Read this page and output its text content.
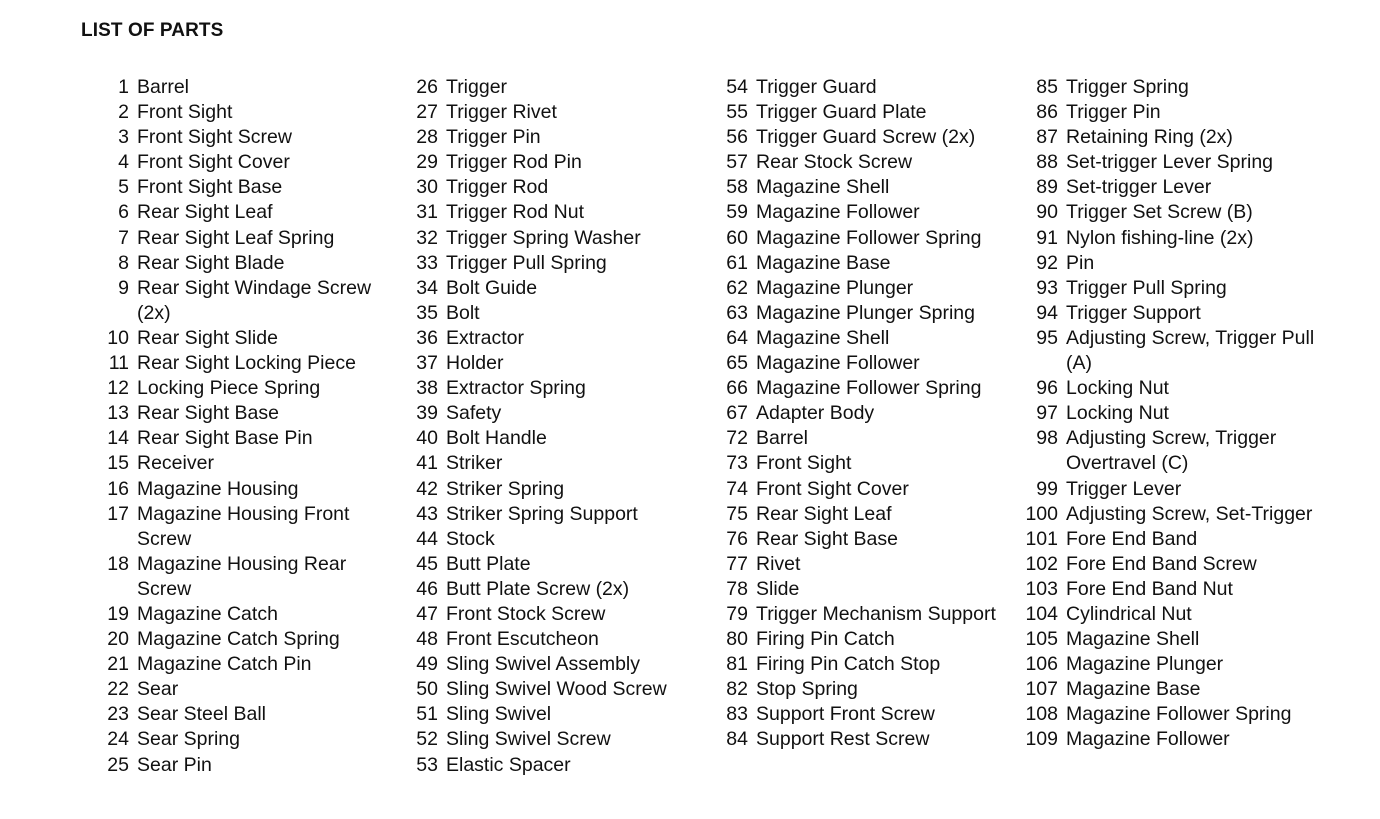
LIST OF PARTS
1 Barrel
2 Front Sight
3 Front Sight Screw
4 Front Sight Cover
5 Front Sight Base
6 Rear Sight Leaf
7 Rear Sight Leaf Spring
8 Rear Sight Blade
9 Rear Sight Windage Screw (2x)
10 Rear Sight Slide
11 Rear Sight Locking Piece
12 Locking Piece Spring
13 Rear Sight Base
14 Rear Sight Base Pin
15 Receiver
16 Magazine Housing
17 Magazine Housing Front Screw
18 Magazine Housing Rear Screw
19 Magazine Catch
20 Magazine Catch Spring
21 Magazine Catch Pin
22 Sear
23 Sear Steel Ball
24 Sear Spring
25 Sear Pin
26 Trigger
27 Trigger Rivet
28 Trigger Pin
29 Trigger Rod Pin
30 Trigger Rod
31 Trigger Rod Nut
32 Trigger Spring Washer
33 Trigger Pull Spring
34 Bolt Guide
35 Bolt
36 Extractor
37 Holder
38 Extractor Spring
39 Safety
40 Bolt Handle
41 Striker
42 Striker Spring
43 Striker Spring Support
44 Stock
45 Butt Plate
46 Butt Plate Screw (2x)
47 Front Stock Screw
48 Front Escutcheon
49 Sling Swivel Assembly
50 Sling Swivel Wood Screw
51 Sling Swivel
52 Sling Swivel Screw
53 Elastic Spacer
54 Trigger Guard
55 Trigger Guard Plate
56 Trigger Guard Screw (2x)
57 Rear Stock Screw
58 Magazine Shell
59 Magazine Follower
60 Magazine Follower Spring
61 Magazine Base
62 Magazine Plunger
63 Magazine Plunger Spring
64 Magazine Shell
65 Magazine Follower
66 Magazine Follower Spring
67 Adapter Body
72 Barrel
73 Front Sight
74 Front Sight Cover
75 Rear Sight Leaf
76 Rear Sight Base
77 Rivet
78 Slide
79 Trigger Mechanism Support
80 Firing Pin Catch
81 Firing Pin Catch Stop
82 Stop Spring
83 Support Front Screw
84 Support Rest Screw
85 Trigger Spring
86 Trigger Pin
87 Retaining Ring (2x)
88 Set-trigger Lever Spring
89 Set-trigger Lever
90 Trigger Set Screw (B)
91 Nylon fishing-line (2x)
92 Pin
93 Trigger Pull Spring
94 Trigger Support
95 Adjusting Screw, Trigger Pull (A)
96 Locking Nut
97 Locking Nut
98 Adjusting Screw, Trigger Overtravel (C)
99 Trigger Lever
100 Adjusting Screw, Set-Trigger
101 Fore End Band
102 Fore End Band Screw
103 Fore End Band Nut
104 Cylindrical Nut
105 Magazine Shell
106 Magazine Plunger
107 Magazine Base
108 Magazine Follower Spring
109 Magazine Follower
